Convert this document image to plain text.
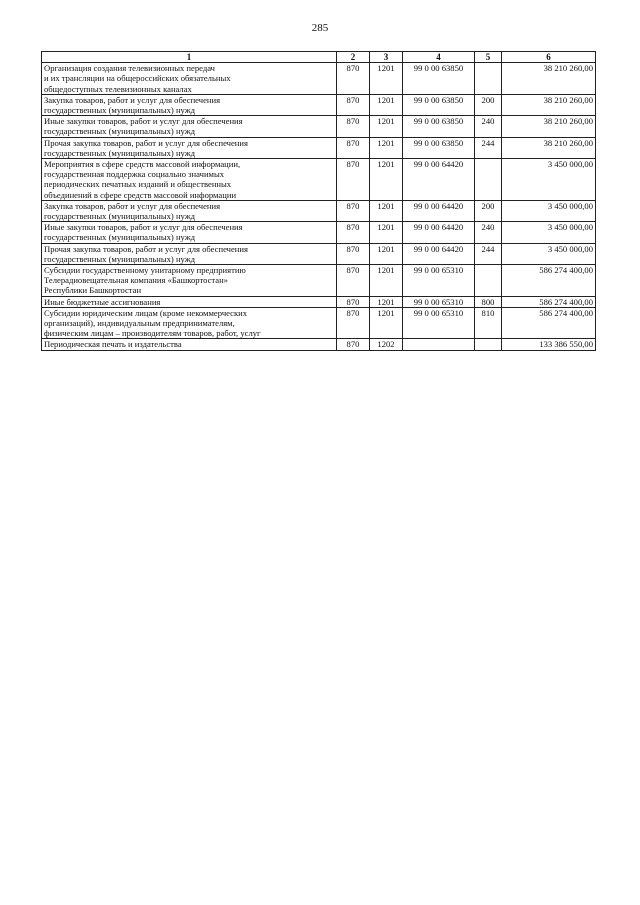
285
1	2	3	4	5	6
Организация создания телевизионных передач
и их трансляции на общероссийских обязательных
общедоступных телевизионных каналах	870	1201	99 0 00 63850		38 210 260,00
Закупка товаров, работ и услуг для обеспечения
государственных (муниципальных) нужд	870	1201	99 0 00 63850	200	38 210 260,00
Иные закупки товаров, работ и услуг для обеспечения
государственных (муниципальных) нужд	870	1201	99 0 00 63850	240	38 210 260,00
Прочая закупка товаров, работ и услуг для обеспечения
государственных (муниципальных) нужд	870	1201	99 0 00 63850	244	38 210 260,00
Мероприятия в сфере средств массовой информации,
государственная поддержка социально значимых
периодических печатных изданий и общественных
объединений в сфере средств массовой информации	870	1201	99 0 00 64420		3 450 000,00
Закупка товаров, работ и услуг для обеспечения
государственных (муниципальных) нужд	870	1201	99 0 00 64420	200	3 450 000,00
Иные закупки товаров, работ и услуг для обеспечения
государственных (муниципальных) нужд	870	1201	99 0 00 64420	240	3 450 000,00
Прочая закупка товаров, работ и услуг для обеспечения
государственных (муниципальных) нужд	870	1201	99 0 00 64420	244	3 450 000,00
Субсидии государственному унитарному предприятию
Телерадиовещательная компания «Башкортостан»
Республики Башкортостан	870	1201	99 0 00 65310		586 274 400,00
Иные бюджетные ассигнования	870	1201	99 0 00 65310	800	586 274 400,00
Субсидии юридическим лицам (кроме некоммерческих
организаций), индивидуальным предпринимателям,
физическим лицам – производителям товаров, работ, услуг	870	1201	99 0 00 65310	810	586 274 400,00
Периодическая печать и издательства	870	1202			133 386 550,00
